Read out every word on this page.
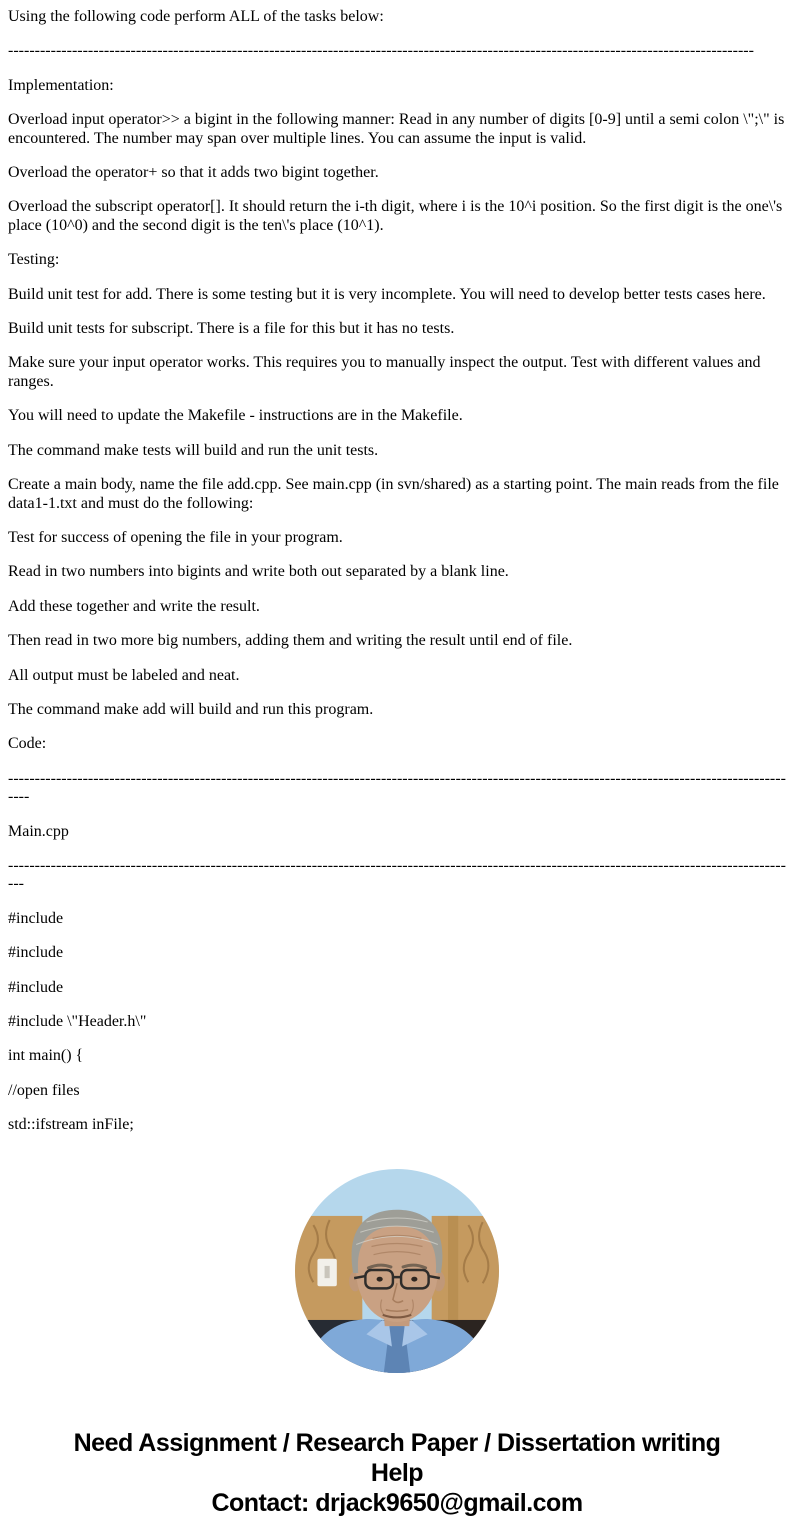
Using the following code perform ALL of the tasks below:

--------------------------------------------------------------------------------------------------------------------------------------------

Implementation:

Overload input operator>> a bigint in the following manner: Read in any number of digits [0-9] until a semi colon \";\" is encountered. The number may span over multiple lines. You can assume the input is valid.

Overload the operator+ so that it adds two bigint together.

Overload the subscript operator[]. It should return the i-th digit, where i is the 10^i position. So the first digit is the one\'s place (10^0) and the second digit is the ten\'s place (10^1).

Testing:

Build unit test for add. There is some testing but it is very incomplete. You will need to develop better tests cases here.

Build unit tests for subscript. There is a file for this but it has no tests.

Make sure your input operator works. This requires you to manually inspect the output. Test with different values and ranges.

You will need to update the Makefile - instructions are in the Makefile.

The command make tests will build and run the unit tests.

Create a main body, name the file add.cpp. See main.cpp (in svn/shared) as a starting point. The main reads from the file data1-1.txt and must do the following:

Test for success of opening the file in your program.

Read in two numbers into bigints and write both out separated by a blank line.

Add these together and write the result.

Then read in two more big numbers, adding them and writing the result until end of file.

All output must be labeled and neat.

The command make add will build and run this program.

Code:

------------------------------------------------------------------------------------------------------------------------------------------------------

Main.cpp

-----------------------------------------------------------------------------------------------------------------------------------------------------

#include

#include

#include

#include \"Header.h\"

int main() {

//open files

std::ifstream inFile;

Need Assignment / Research Paper / Dissertation writing Help
Contact: drjack9650@gmail.com
